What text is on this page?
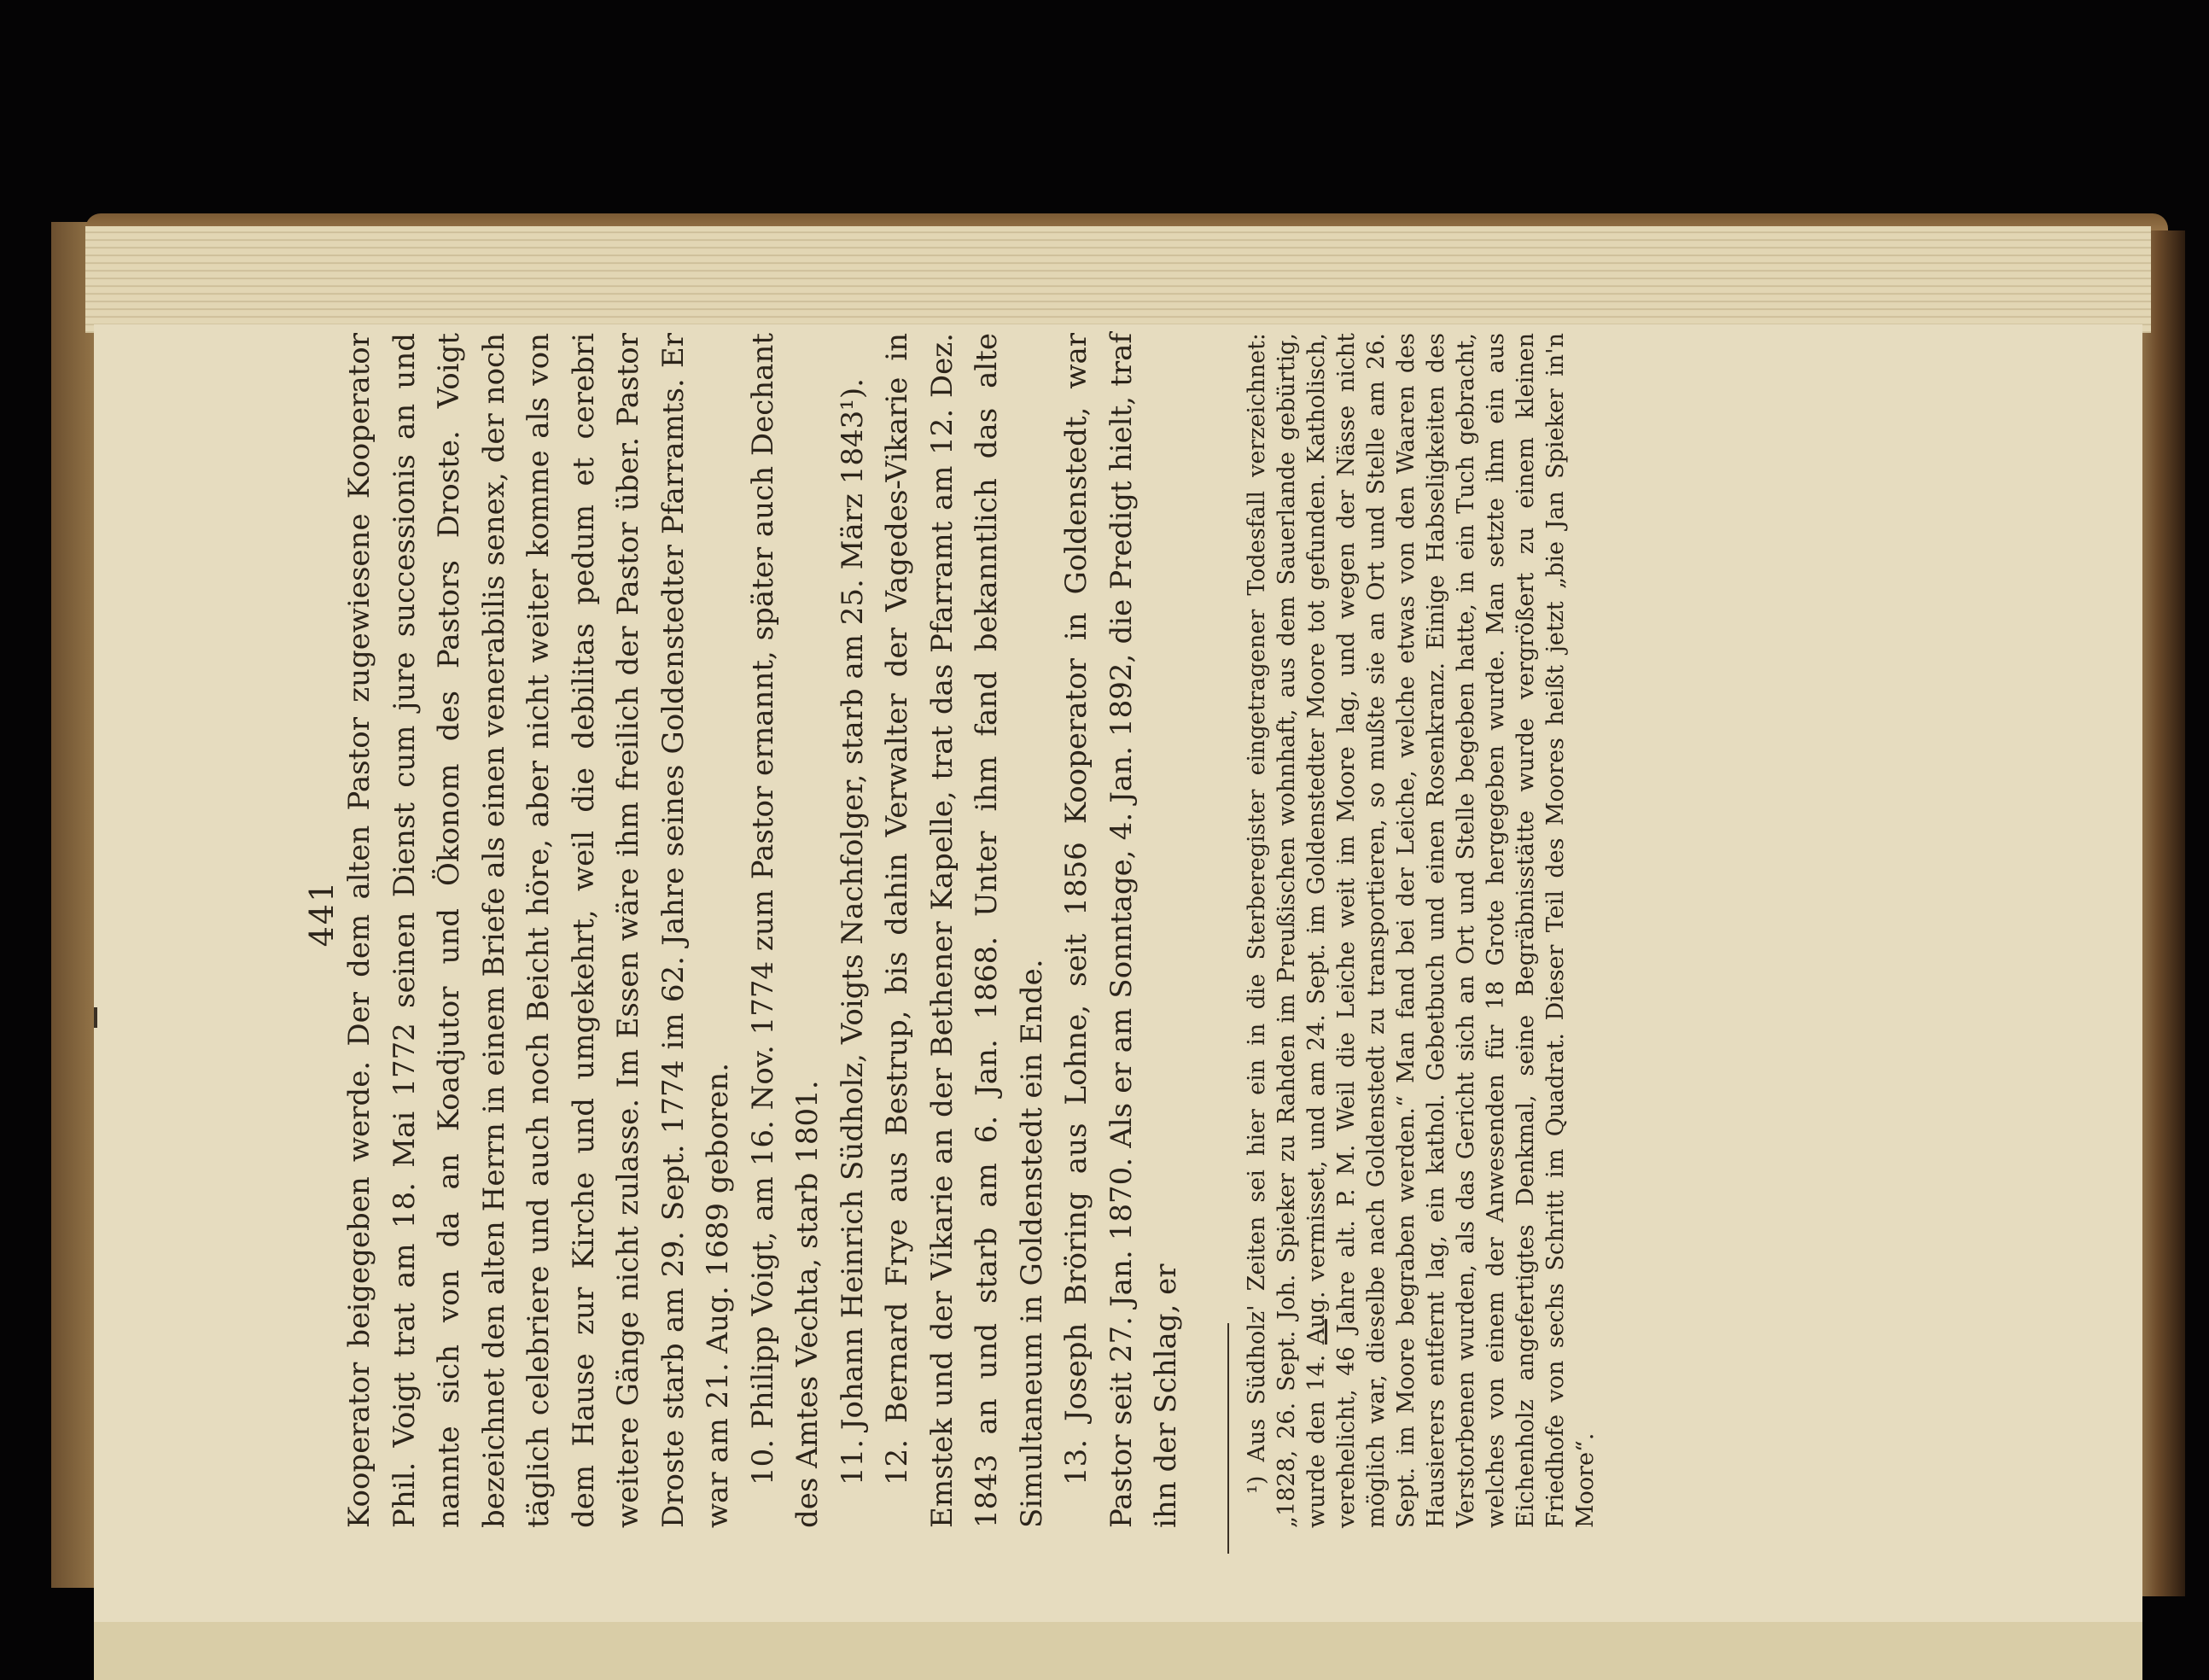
441 Kooperator beigegeben werde. Der dem alten Pastor zugewiesene Kooperator Phil. Voigt trat am 18. Mai 1772 seinen Dienst cum jure successionis an und nannte sich von da an Koadjutor und Ökonom des Pastors Droste. Voigt bezeichnet den alten Herrn in einem Briefe als einen venerabilis senex, der noch täglich celebriere und auch noch Beicht höre, aber nicht weiter komme als von dem Hause zur Kirche und umgekehrt, weil die debilitas pedum et cerebri weitere Gänge nicht zulasse. Im Essen wäre ihm freilich der Pastor über. Pastor Droste starb am 29. Sept. 1774 im 62. Jahre seines Goldenstedter Pfarramts. Er war am 21. Aug. 1689 geboren. 10. Philipp Voigt, am 16. Nov. 1774 zum Pastor ernannt, später auch Dechant des Amtes Vechta, starb 1801. 11. Johann Heinrich Südholz, Voigts Nachfolger, starb am 25. März 1843¹). 12. Bernard Frye aus Bestrup, bis dahin Verwalter der Vagedes-Vikarie in Emstek und der Vikarie an der Bethener Kapelle, trat das Pfarramt am 12. Dez. 1843 an und starb am 6. Jan. 1868. Unter ihm fand bekanntlich das alte Simultaneum in Goldenstedt ein Ende. 13. Joseph Bröring aus Lohne, seit 1856 Kooperator in Goldenstedt, war Pastor seit 27. Jan. 1870. Als er am Sonntage, 4. Jan. 1892, die Predigt hielt, traf ihn der Schlag, er	¹) Aus Südholz' Zeiten sei hier ein in die Sterberegister eingetragener Todesfall verzeichnet: „1828, 26. Sept. Joh. Spieker zu Rahden im Preußischen wohnhaft, aus dem Sauerlande gebürtig, wurde den 14. Aug. vermisset, und am 24. Sept. im Goldenstedter Moore tot gefunden. Katholisch, verehelicht, 46 Jahre alt. P. M. Weil die Leiche weit im Moore lag, und wegen der Nässe nicht möglich war, dieselbe nach Goldenstedt zu transportieren, so mußte sie an Ort und Stelle am 26. Sept. im Moore begraben werden.“ Man fand bei der Leiche, welche etwas von den Waaren des Hausierers entfernt lag, ein kathol. Gebetbuch und einen Rosenkranz. Einige Habseligkeiten des Verstorbenen wurden, als das Gericht sich an Ort und Stelle begeben hatte, in ein Tuch gebracht, welches von einem der Anwesenden für 18 Grote hergegeben wurde. Man setzte ihm ein aus Eichenholz angefertigtes Denkmal, seine Begräbnisstätte wurde vergrößert zu einem kleinen Friedhofe von sechs Schritt im Quadrat. Dieser Teil des Moores heißt jetzt „bie Jan Spieker in'n Moore“.
